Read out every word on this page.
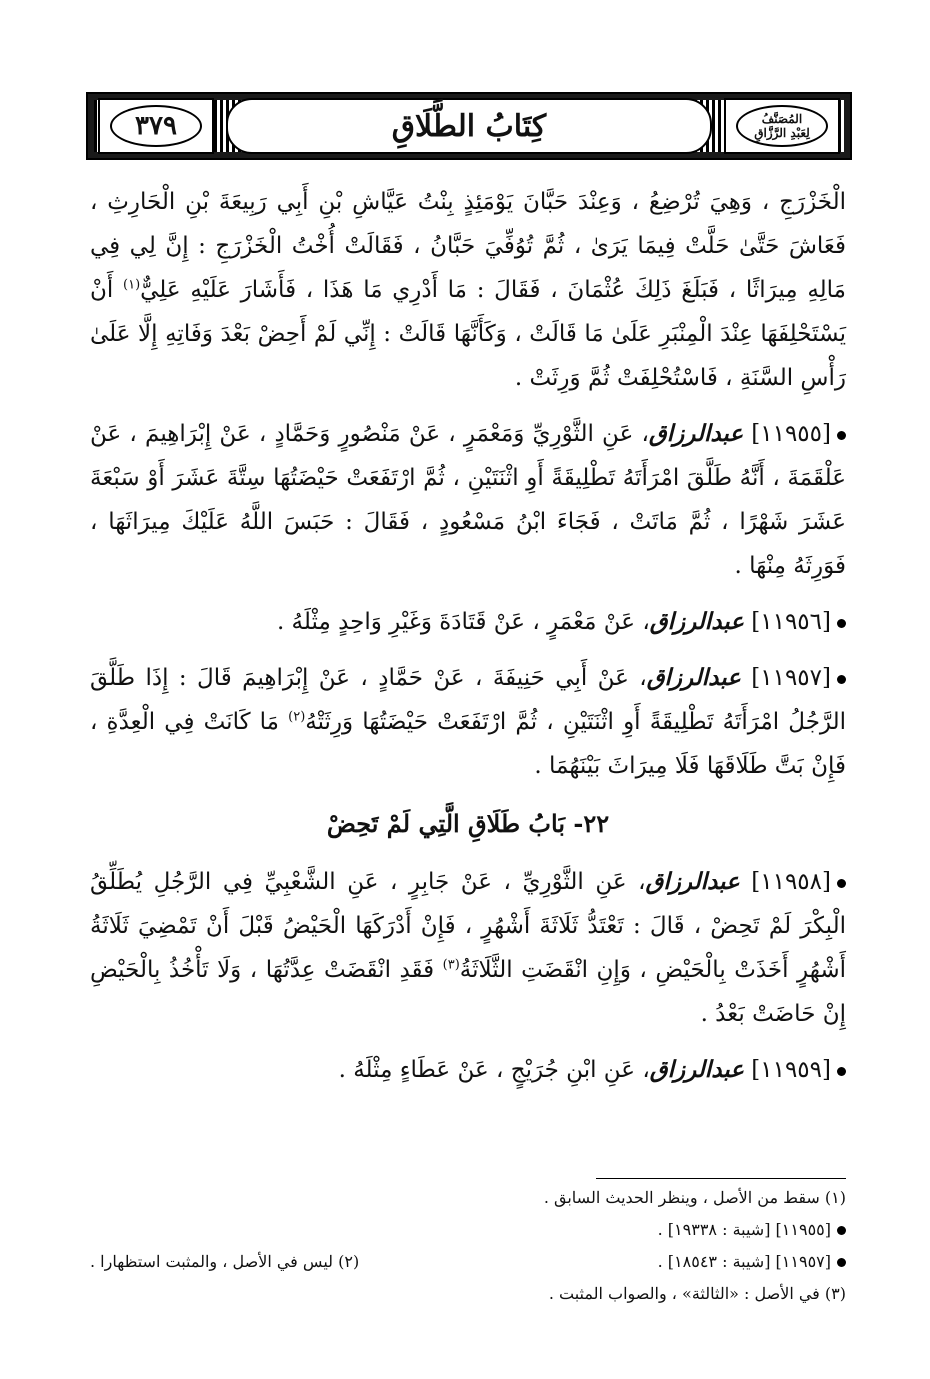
المُصَنَّفُ
لِعَبْدِ الرَّزَّاقِ
كِتَابُ الطَّلَاقِ
٣٧٩

الْخَزْرَجِ ، وَهِيَ تُرْضِعُ ، وَعِنْدَ حَبَّانَ يَوْمَئِذٍ بِنْتُ عَيَّاشِ بْنِ أَبِي رَبِيعَةَ بْنِ الْحَارِثِ ، فَعَاشَ حَتَّىٰ حَلَّتْ فِيمَا يَرَىٰ ، ثُمَّ تُوُفِّيَ حَبَّانُ ، فَقَالَتْ أُخْتُ الْخَزْرَجِ : إِنَّ لِي فِي مَالِهِ مِيرَاثًا ، فَبَلَغَ ذَلِكَ عُثْمَانَ ، فَقَالَ : مَا أَدْرِي مَا هَذَا ، فَأَشَارَ عَلَيْهِ عَلِيٌّ$^{(١)}$ أَنْ يَسْتَحْلِفَهَا عِنْدَ الْمِنْبَرِ عَلَىٰ مَا قَالَتْ ، وَكَأَنَّهَا قَالَتْ : إِنِّي لَمْ أَحِضْ بَعْدَ وَفَاتِهِ إِلَّا عَلَىٰ رَأْسِ السَّنَةِ ، فَاسْتُحْلِفَتْ ثُمَّ وَرِثَتْ .

[١١٩٥٥] عبدالرزاق، عَنِ الثَّوْرِيِّ وَمَعْمَرٍ ، عَنْ مَنْصُورٍ وَحَمَّادٍ ، عَنْ إِبْرَاهِيمَ ، عَنْ عَلْقَمَةَ ، أَنَّهُ طَلَّقَ امْرَأَتَهُ تَطْلِيقَةً أَوِ اثْنَتَيْنِ ، ثُمَّ ارْتَفَعَتْ حَيْضَتُهَا سِتَّةَ عَشَرَ أَوْ سَبْعَةَ عَشَرَ شَهْرًا ، ثُمَّ مَاتَتْ ، فَجَاءَ ابْنُ مَسْعُودٍ ، فَقَالَ : حَبَسَ اللَّهُ عَلَيْكَ مِيرَاثَهَا ، فَوَرِثَهُ مِنْهَا .

[١١٩٥٦] عبدالرزاق، عَنْ مَعْمَرٍ ، عَنْ قَتَادَةَ وَغَيْرِ وَاحِدٍ مِثْلَهُ .

[١١٩٥٧] عبدالرزاق، عَنْ أَبِي حَنِيفَةَ ، عَنْ حَمَّادٍ ، عَنْ إِبْرَاهِيمَ قَالَ : إِذَا طَلَّقَ الرَّجُلُ امْرَأَتَهُ تَطْلِيقَةً أَوِ اثْنَتَيْنِ ، ثُمَّ ارْتَفَعَتْ حَيْضَتُهَا وَرِثَتْهُ$^{(٢)}$ مَا كَانَتْ فِي الْعِدَّةِ ، فَإِنْ بَتَّ طَلَاقَهَا فَلَا مِيرَاثَ بَيْنَهُمَا .

٢٢- بَابُ طَلَاقِ الَّتِي لَمْ تَحِضْ

[١١٩٥٨] عبدالرزاق، عَنِ الثَّوْرِيِّ ، عَنْ جَابِرٍ ، عَنِ الشَّعْبِيِّ فِي الرَّجُلِ يُطَلِّقُ الْبِكْرَ لَمْ تَحِضْ ، قَالَ : تَعْتَدُّ ثَلَاثَةَ أَشْهُرٍ ، فَإِنْ أَدْرَكَهَا الْحَيْضُ قَبْلَ أَنْ تَمْضِيَ ثَلَاثَةُ أَشْهُرٍ أَخَذَتْ بِالْحَيْضِ ، وَإِنِ انْقَضَتِ الثَّلَاثَةُ$^{(٣)}$ فَقَدِ انْقَضَتْ عِدَّتُهَا ، وَلَا تَأْخُذُ بِالْحَيْضِ إِنْ حَاضَتْ بَعْدُ .

[١١٩٥٩] عبدالرزاق، عَنِ ابْنِ جُرَيْجٍ ، عَنْ عَطَاءٍ مِثْلَهُ .

(١) سقط من الأصل ، وينظر الحديث السابق .
[١١٩٥٥] [شيبة : ١٩٣٣٨] .
[١١٩٥٧] [شيبة : ١٨٥٤٣] .
(٢) ليس في الأصل ، والمثبت استظهارا .
(٣) في الأصل : «الثالثة» ، والصواب المثبت .
